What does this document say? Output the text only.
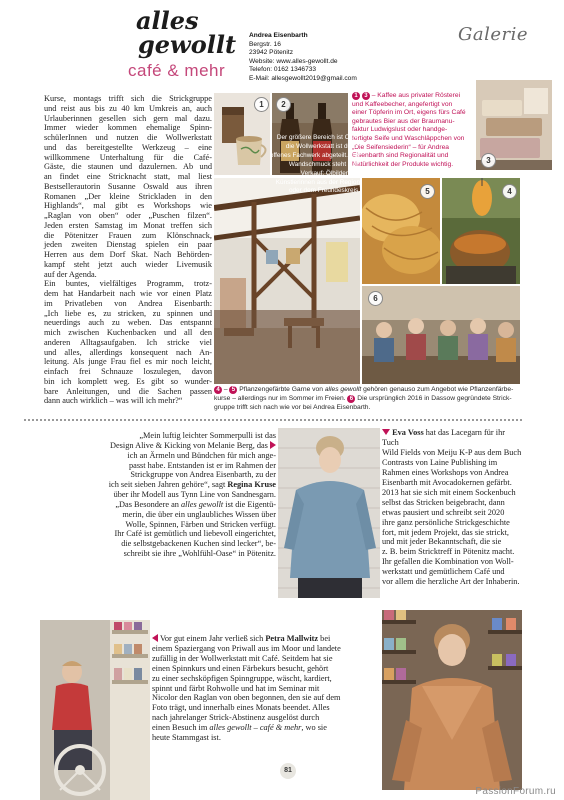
alles
gewollt
café & mehr
Andrea Eisenbarth
Bergstr. 16
23942 Pötenitz
Website: www.alles-gewollt.de
Telefon: 0162 1346733
E-Mail: allesgewollt2019@gmail.com
Galerie
Kurse, montags trifft sich die Strickgruppe
und reist aus bis zu 40 km Umkreis an, auch
Urlauberinnen gesellen sich gern mal dazu.
Immer wieder kommen ehemalige Spinn-
schülerInnen und nutzen die Wollwerkstatt
und das bereitgestellte Werkzeug – eine
willkommene Unterhaltung für die Café-
Gäste, die staunen und dazulernen. Ab und
an findet eine Stricknacht statt, mal liest
Bestsellerautorin Susanne Oswald aus ihren
Romanen „Der kleine Strickladen in den
Highlands“, mal gibt es Workshops wie
„Raglan von oben“ oder „Puschen filzen“.
Jeden ersten Samstag im Monat treffen sich
die Pötenitzer Frauen zum Klönschnack,
jeden zweiten Dienstag spielen ein paar
Herren aus dem Dorf Skat. Nach Behörden-
kampf steht jetzt auch wieder Livemusik
auf der Agenda.
Ein buntes, vielfältiges Programm, trotz-
dem hat Handarbeit nach wie vor einen Platz
im Privatleben von Andrea Eisenbarth:
„Ich liebe es, zu stricken, zu spinnen und
neuerdings auch zu weben. Das entspannt
mich zwischen Kuchenbacken und all den
anderen Alltagsaufgaben. Ich stricke viel
und alles, allerdings konsequent nach An-
leitung. Als junge Frau fiel es mir noch leicht,
einfach frei Schnauze loszulegen, davon
bin ich komplett weg. Es gibt so wunder-
bare Anleitungen, und die Sachen passen
dann auch wirklich – was will ich mehr?“
1	2
1 3 – Kaffee aus privater Rösterei
und Kaffeebecher, angefertigt von
einer Töpferin im Ort, eigens fürs Café
gebrautes Bier aus der Braumanu-
faktur Ludwigslust oder handge-
fertigte Seife und Waschläppchen von
„Die Seifensiederin“ – für Andrea
Eisenbarth sind Regionalität und
Natürlichkeit der Produkte wichtig.	3
Der größere Bereich ist Café,
die Wollwerkstatt ist durch
offenes Fachwerk abgeteilt. Der
Wandschmuck steht zum
Verkauf: Ölbilder von
Künstlerinnen aus der Region
oder dem Freundeskreis.	5	4
6
4 – 5 Pflanzengefärbte Garne von alles gewollt gehören genauso zum Angebot wie Pflanzenfärbe-
kurse – allerdings nur im Sommer im Freien. 6 Die ursprünglich 2016 in Dassow gegründete Strick-
gruppe trifft sich nach wie vor bei Andrea Eisenbarth.
„Mein luftig leichter Sommerpulli ist das
Design Alive & Kicking von Melanie Berg, das
ich an Ärmeln und Bündchen für mich ange-
passt habe. Entstanden ist er im Rahmen der
Strickgruppe von Andrea Eisenbarth, zu der
ich seit sieben Jahren gehöre“, sagt Regina Kruse
über ihr Modell aus Tynn Line von Sandnesgarn.
„Das Besondere an alles gewollt ist die Eigentü-
merin, die über ein unglaubliches Wissen über
Wolle, Spinnen, Färben und Stricken verfügt.
Ihr Café ist gemütlich und liebevoll eingerichtet,
die selbstgebackenen Kuchen sind lecker“, be-
schreibt sie ihre „Wohlfühl-Oase“ in Pötenitz.
Eva Voss hat das Lacegarn für ihr Tuch
Wild Fields von Meiju K-P aus dem Buch
Contrasts von Laine Publishing im
Rahmen eines Workshops von Andrea
Eisenbarth mit Avocadokernen gefärbt.
2013 hat sie sich mit einem Sockenbuch
selbst das Stricken beigebracht, dann
etwas pausiert und schreibt seit 2020
ihre ganz persönliche Strickgeschichte
fort, mit jedem Projekt, das sie strickt,
und mit jeder Bekanntschaft, die sie
z. B. beim Stricktreff in Pötenitz macht.
Ihr gefallen die Kombination von Woll-
werkstatt und gemütlichem Café und
vor allem die herzliche Art der Inhaberin.
Vor gut einem Jahr verließ sich Petra Mallwitz bei
einem Spaziergang von Priwall aus im Moor und landete
zufällig in der Wollwerkstatt mit Café. Seitdem hat sie
einen Spinnkurs und einen Färbekurs besucht, gehört
zu einer sechsköpfigen Spinngruppe, wäscht, kardiert,
spinnt und färbt Rohwolle und hat im Seminar mit
Nicolor den Raglan von oben begonnen, den sie auf dem
Foto trägt, und innerhalb eines Monats beendet. Alles
nach jahrelanger Strick-Abstinenz ausgelöst durch
einen Besuch im alles gewollt – café & mehr, wo sie
heute Stammgast ist.
81
PassionForum.ru
